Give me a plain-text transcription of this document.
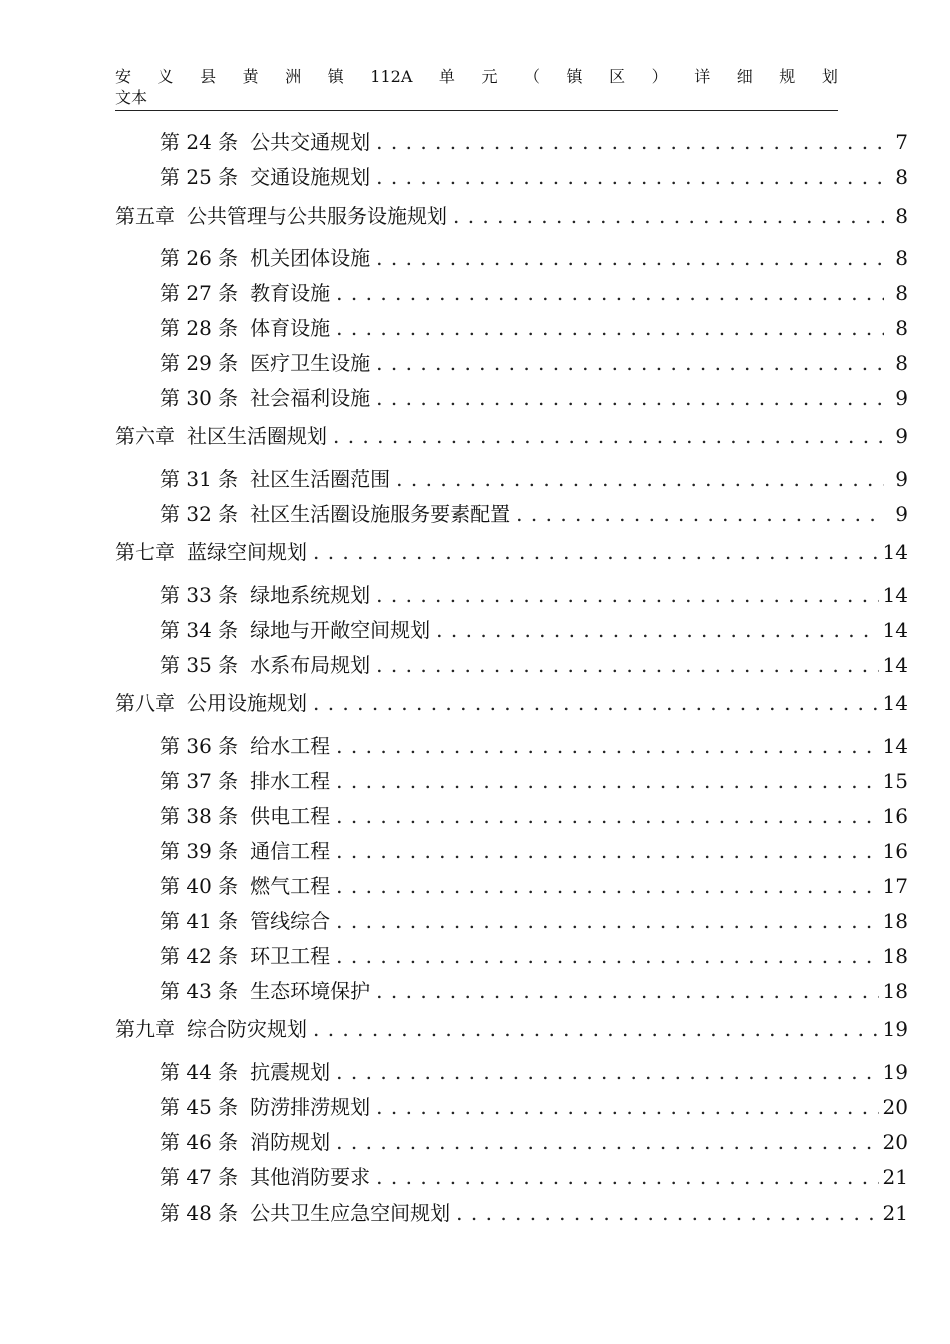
安 义 县 黄 洲 镇 112A 单 元 （ 镇 区 ） 详 细 规 划
文本
第 24 条 公共交通规划 . . .	7
第 25 条 交通设施规划 . . .	8
第五章 公共管理与公共服务设施规划 . . .	8
第 26 条 机关团体设施 . . .	8
第 27 条 教育设施 . . .	8
第 28 条 体育设施 . . .	8
第 29 条 医疗卫生设施 . . .	8
第 30 条 社会福利设施 . . .	9
第六章 社区生活圈规划 . . .	9
第 31 条 社区生活圈范围 . . .	9
第 32 条 社区生活圈设施服务要素配置 . . .	9
第七章 蓝绿空间规划 . . .	14
第 33 条 绿地系统规划 . . .	14
第 34 条 绿地与开敞空间规划 . . .	14
第 35 条 水系布局规划 . . .	14
第八章 公用设施规划 . . .	14
第 36 条 给水工程 . . .	14
第 37 条 排水工程 . . .	15
第 38 条 供电工程 . . .	16
第 39 条 通信工程 . . .	16
第 40 条 燃气工程 . . .	17
第 41 条 管线综合 . . .	18
第 42 条 环卫工程 . . .	18
第 43 条 生态环境保护 . . .	18
第九章 综合防灾规划 . . .	19
第 44 条 抗震规划 . . .	19
第 45 条 防涝排涝规划 . . .	20
第 46 条 消防规划 . . .	20
第 47 条 其他消防要求 . . .	21
第 48 条 公共卫生应急空间规划 . . .	21
